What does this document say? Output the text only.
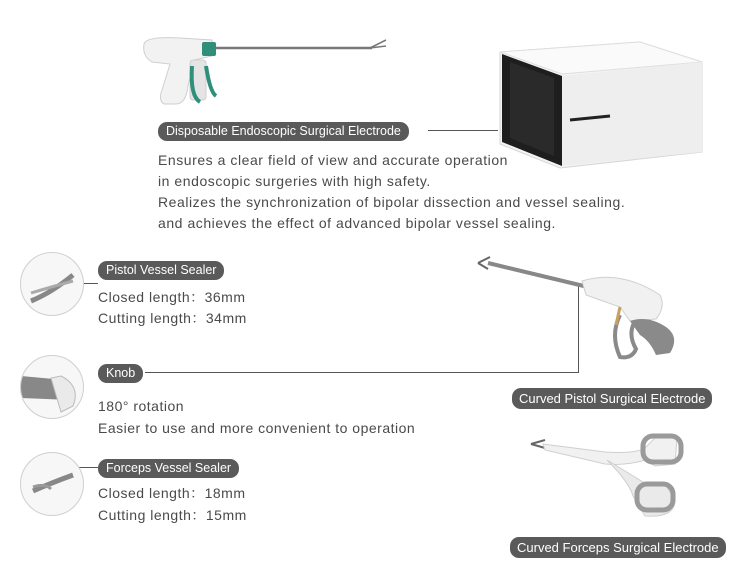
Disposable Endoscopic Surgical Electrode
Ensures a clear field of view and accurate operation
in endoscopic surgeries with high safety.
Realizes the synchronization of bipolar dissection and vessel sealing.
and achieves the effect of advanced bipolar vessel sealing.
Pistol Vessel Sealer
Closed length：36mm
Cutting length：34mm
Knob
180° rotation
Easier to use and more convenient to operation
Forceps Vessel Sealer
Closed length：18mm
Cutting length：15mm
Curved Pistol Surgical Electrode
Curved Forceps Surgical Electrode
